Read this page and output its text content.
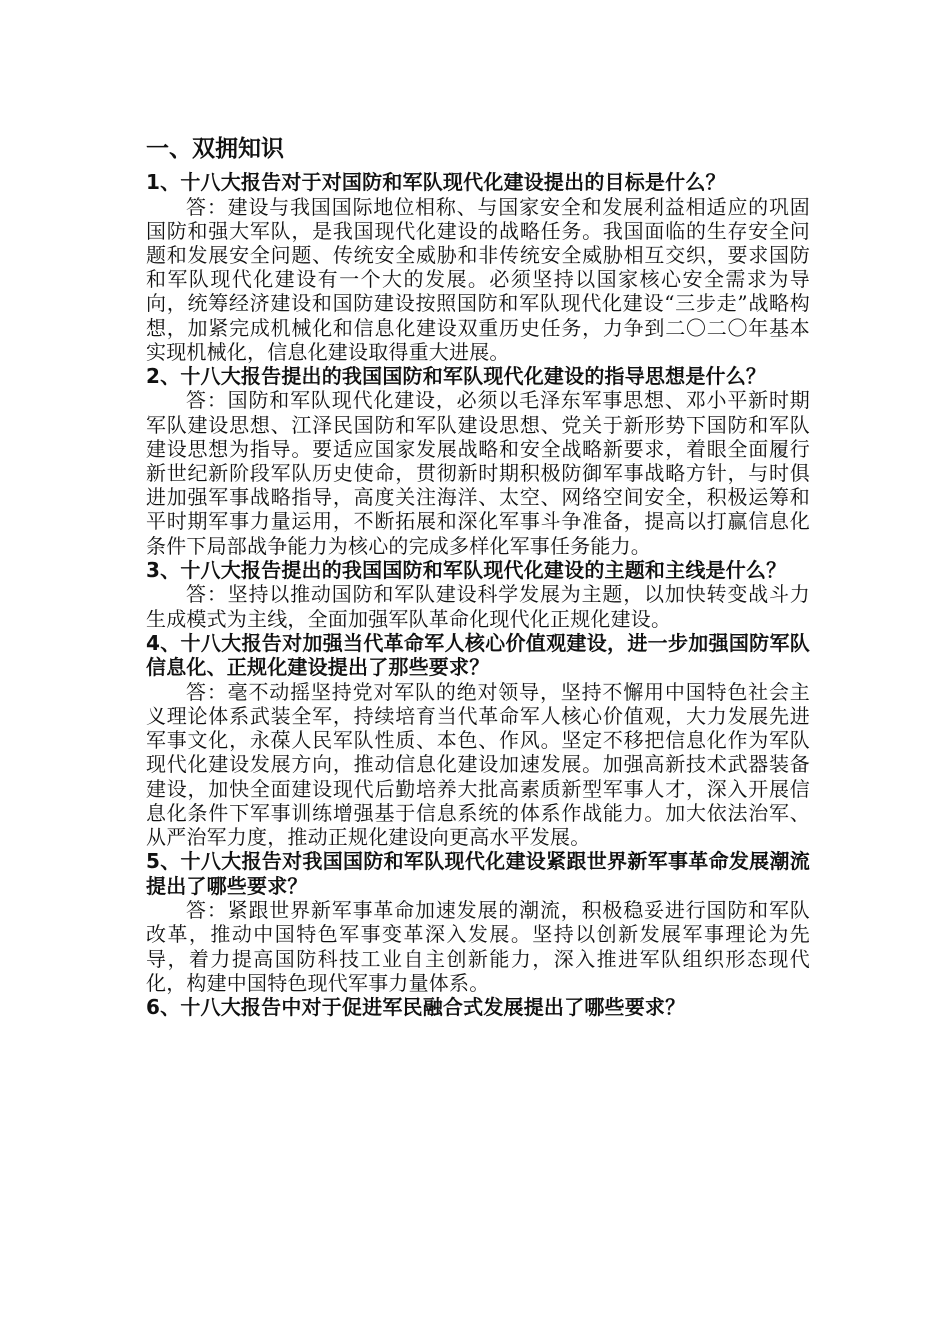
一、双拥知识

1、十八大报告对于对国防和军队现代化建设提出的目标是什么？

答：建设与我国国际地位相称、与国家安全和发展利益相适应的巩固国防和强大军队，是我国现代化建设的战略任务。我国面临的生存安全问题和发展安全问题、传统安全威胁和非传统安全威胁相互交织，要求国防和军队现代化建设有一个大的发展。必须坚持以国家核心安全需求为导向，统筹经济建设和国防建设按照国防和军队现代化建设“三步走”战略构想，加紧完成机械化和信息化建设双重历史任务，力争到二〇二〇年基本实现机械化，信息化建设取得重大进展。

2、十八大报告提出的我国国防和军队现代化建设的指导思想是什么？

答：国防和军队现代化建设，必须以毛泽东军事思想、邓小平新时期军队建设思想、江泽民国防和军队建设思想、党关于新形势下国防和军队建设思想为指导。要适应国家发展战略和安全战略新要求，着眼全面履行新世纪新阶段军队历史使命，贯彻新时期积极防御军事战略方针，与时俱进加强军事战略指导，高度关注海洋、太空、网络空间安全，积极运筹和平时期军事力量运用，不断拓展和深化军事斗争准备，提高以打赢信息化条件下局部战争能力为核心的完成多样化军事任务能力。

3、十八大报告提出的我国国防和军队现代化建设的主题和主线是什么？

答：坚持以推动国防和军队建设科学发展为主题，以加快转变战斗力生成模式为主线，全面加强军队革命化现代化正规化建设。

4、十八大报告对加强当代革命军人核心价值观建设，进一步加强国防军队信息化、正规化建设提出了那些要求？

答：毫不动摇坚持党对军队的绝对领导，坚持不懈用中国特色社会主义理论体系武装全军，持续培育当代革命军人核心价值观，大力发展先进军事文化，永葆人民军队性质、本色、作风。坚定不移把信息化作为军队现代化建设发展方向，推动信息化建设加速发展。加强高新技术武器装备建设，加快全面建设现代后勤培养大批高素质新型军事人才，深入开展信息化条件下军事训练增强基于信息系统的体系作战能力。加大依法治军、从严治军力度，推动正规化建设向更高水平发展。

5、十八大报告对我国国防和军队现代化建设紧跟世界新军事革命发展潮流提出了哪些要求？

答：紧跟世界新军事革命加速发展的潮流，积极稳妥进行国防和军队改革，推动中国特色军事变革深入发展。坚持以创新发展军事理论为先导，着力提高国防科技工业自主创新能力，深入推进军队组织形态现代化，构建中国特色现代军事力量体系。

6、十八大报告中对于促进军民融合式发展提出了哪些要求？
